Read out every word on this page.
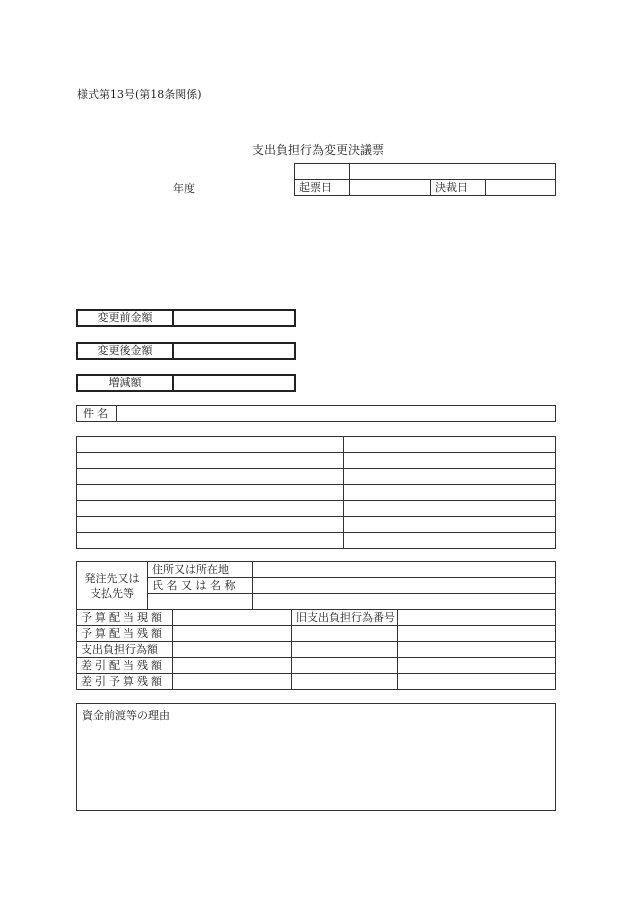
様式第13号(第18条関係)
支出負担行為変更決議票
年度
		起票日		決裁日	
変更前金額
変更後金額
増減額
件名

発注先又は
支払先等	住所又は所在地	
	氏 名 又 は 名 称	

予算配当現額		旧支出負担行為番号	
予算配当残額			
支出負担行為額			
差引配当残額			
差引予算残額			
資金前渡等の理由
